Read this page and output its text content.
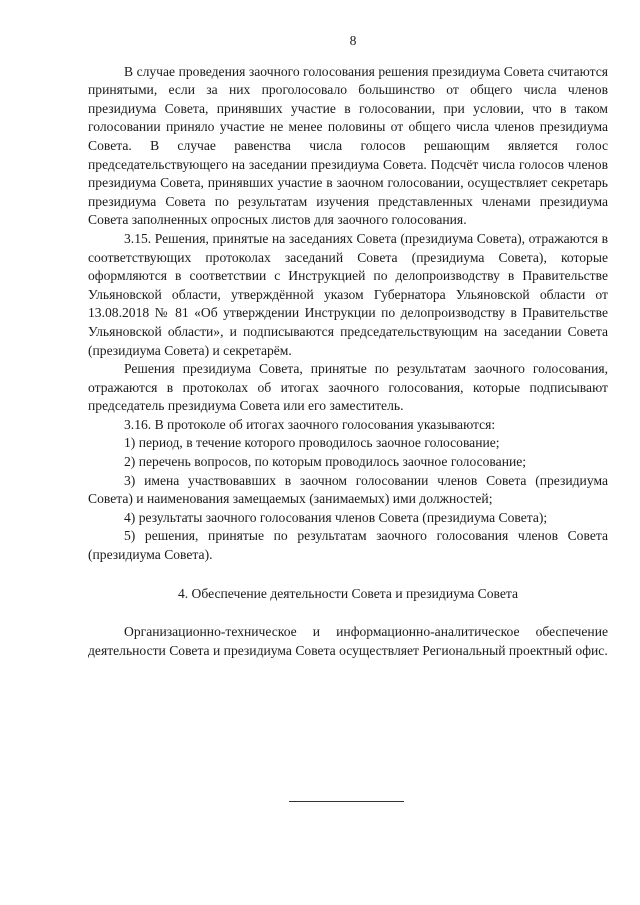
8

В случае проведения заочного голосования решения президиума Совета считаются принятыми, если за них проголосовало большинство от общего числа членов президиума Совета, принявших участие в голосовании, при условии, что в таком голосовании приняло участие не менее половины от общего числа членов президиума Совета. В случае равенства числа голосов решающим является голос председательствующего на заседании президиума Совета. Подсчёт числа голосов членов президиума Совета, принявших участие в заочном голосовании, осуществляет секретарь президиума Совета по результатам изучения представленных членами президиума Совета заполненных опросных листов для заочного голосования.

3.15. Решения, принятые на заседаниях Совета (президиума Совета), отражаются в соответствующих протоколах заседаний Совета (президиума Совета), которые оформляются в соответствии с Инструкцией по делопроизводству в Правительстве Ульяновской области, утверждённой указом Губернатора Ульяновской области от 13.08.2018 № 81 «Об утверждении Инструкции по делопроизводству в Правительстве Ульяновской области», и подписываются председательствующим на заседании Совета (президиума Совета) и секретарём.

Решения президиума Совета, принятые по результатам заочного голосования, отражаются в протоколах об итогах заочного голосования, которые подписывают председатель президиума Совета или его заместитель.

3.16. В протоколе об итогах заочного голосования указываются:

1) период, в течение которого проводилось заочное голосование;

2) перечень вопросов, по которым проводилось заочное голосование;

3) имена участвовавших в заочном голосовании членов Совета (президиума Совета) и наименования замещаемых (занимаемых) ими должностей;

4) результаты заочного голосования членов Совета (президиума Совета);

5) решения, принятые по результатам заочного голосования членов Совета (президиума Совета).

4. Обеспечение деятельности Совета и президиума Совета

Организационно-техническое и информационно-аналитическое обеспечение деятельности Совета и президиума Совета осуществляет Региональный проектный офис.
